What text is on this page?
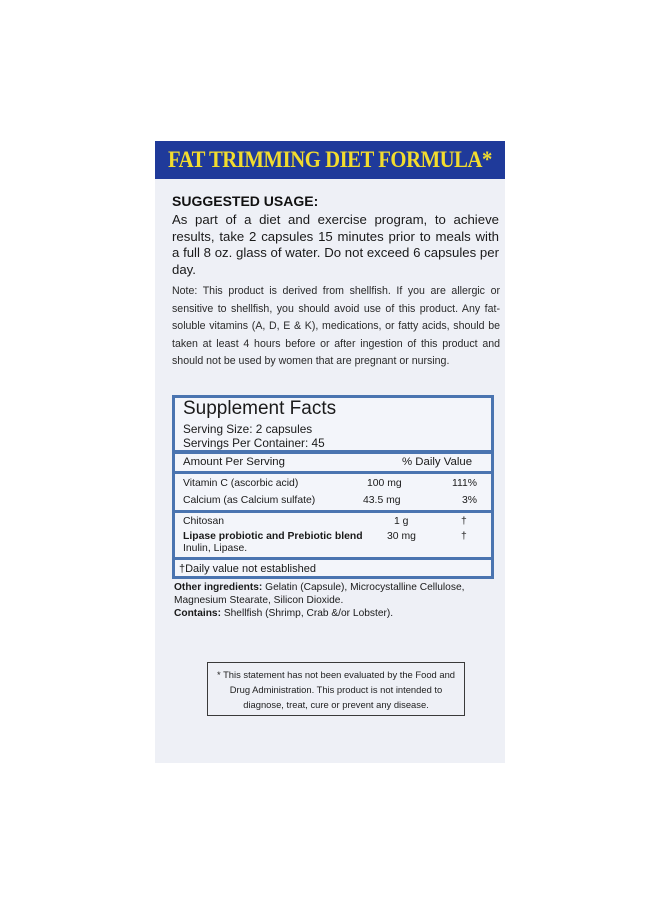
FAT TRIMMING DIET FORMULA*
SUGGESTED USAGE:
As part of a diet and exercise program, to achieve results, take 2 capsules 15 minutes prior to meals with a full 8 oz. glass of water. Do not exceed 6 capsules per day.
Note: This product is derived from shellfish. If you are allergic or sensitive to shellfish, you should avoid use of this product. Any fat-soluble vitamins (A, D, E & K), medications, or fatty acids, should be taken at least 4 hours before or after ingestion of this product and should not be used by women that are pregnant or nursing.
Supplement Facts
Serving Size: 2 capsules
Servings Per Container: 45
Amount Per Serving	% Daily Value
Vitamin C (ascorbic acid)	100 mg	111%
Calcium (as Calcium sulfate)	43.5 mg	3%
Chitosan	1 g	†
Lipase probiotic and Prebiotic blend 30 mg	†
Inulin, Lipase.
†Daily value not established
Other ingredients: Gelatin (Capsule), Microcystalline Cellulose, Magnesium Stearate, Silicon Dioxide.
Contains: Shellfish (Shrimp, Crab &/or Lobster).
* This statement has not been evaluated by the Food and Drug Administration. This product is not intended to diagnose, treat, cure or prevent any disease.
